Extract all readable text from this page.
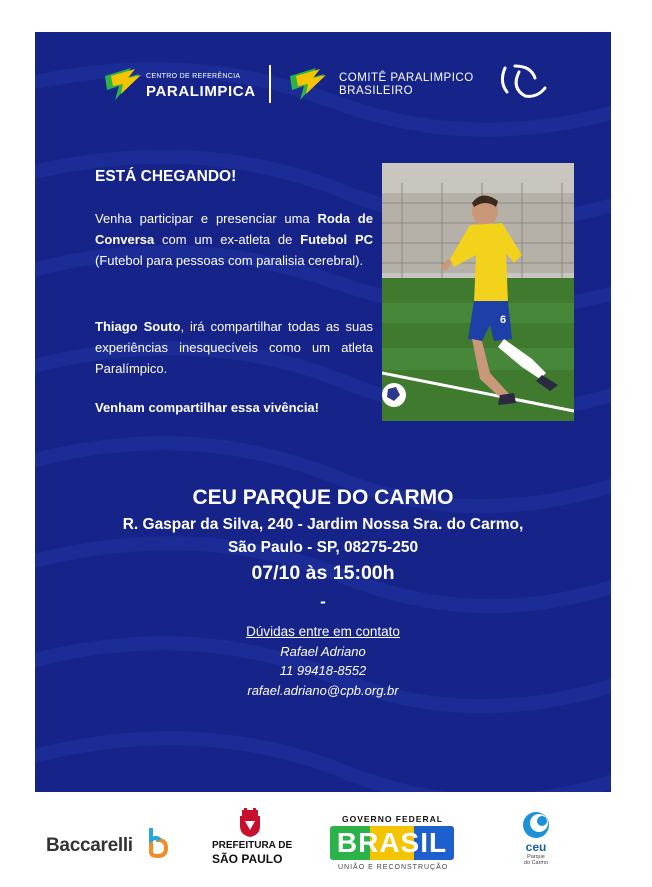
CENTRO DE REFERÊNCIA
PARALIMPICA
COMITÊ PARALIMPICO
BRASILEIRO
ESTÁ CHEGANDO!
Venha participar e presenciar uma Roda de Conversa com um ex-atleta de Futebol PC (Futebol para pessoas com paralisia cerebral).
Thiago Souto, irá compartilhar todas as suas experiências inesquecíveis como um atleta Paralímpico.
Venham compartilhar essa vivência!
6
CEU PARQUE DO CARMO
R. Gaspar da Silva, 240 - Jardim Nossa Sra. do Carmo,
São Paulo - SP, 08275-250
07/10 às 15:00h
-
Dúvidas entre em contato
Rafael Adriano
11 99418-8552
rafael.adriano@cpb.org.br
Baccarelli	PREFEITURA DE
SÃO PAULO
GOVERNO FEDERAL
BRASIL
UNIÃO E RECONSTRUÇÃO
ceu
Parque
do Carmo
